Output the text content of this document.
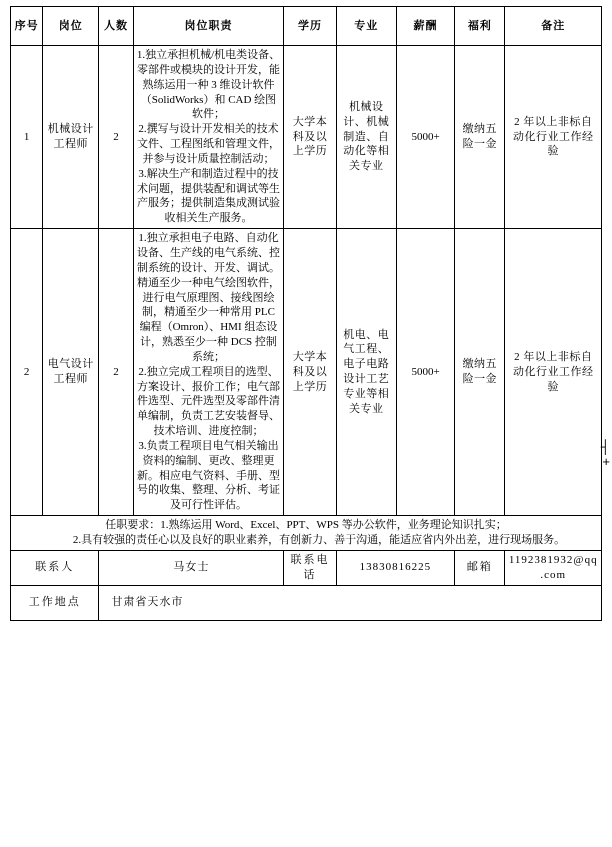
序号	岗位	人数	岗位职责	学历	专业	薪酬	福利	备注
1	机械设计工程师	2	1.独立承担机械/机电类设备、零部件或模块的设计开发，能熟练运用一种 3 维设计软件（SolidWorks）和 CAD 绘图软件；

2.撰写与设计开发相关的技术文件、工程图纸和管理文件，并参与设计质量控制活动；

3.解决生产和制造过程中的技术问题，提供装配和调试等生产服务；提供制造集成测试验收相关生产服务。	大学本科及以上学历	机械设计、机械制造、自动化等相关专业	5000+	缴纳五险一金	2 年以上非标自动化行业工作经验
2	电气设计工程师	2	1.独立承担电子电路、自动化设备、生产线的电气系统、控制系统的设计、开发、调试。精通至少一种电气绘图软件，进行电气原理图、接线图绘制，精通至少一种常用 PLC 编程（Omron）、HMI 组态设计，熟悉至少一种 DCS 控制系统；

2.独立完成工程项目的选型、方案设计、报价工作；电气部件选型、元件选型及零部件清单编制，负责工艺安装督导、技术培训、进度控制；

3.负责工程项目电气相关输出资料的编制、更改、整理更新。相应电气资料、手册、型号的收集、整理、分析、考证及可行性评估。	大学本科及以上学历	机电、电气工程、电子电路设计工艺专业等相关专业	5000+	缴纳五险一金	2 年以上非标自动化行业工作经验

任职要求：1.熟练运用 Word、Excel、PPT、WPS 等办公软件，业务理论知识扎实；

2.具有较强的责任心以及良好的职业素养，有创新力、善于沟通，能适应省内外出差，进行现场服务。								

联系人		马女士		联系电话	13830816225		邮箱	1192381932@qq.com
工作地点		甘肃省天水市						
┤
+
